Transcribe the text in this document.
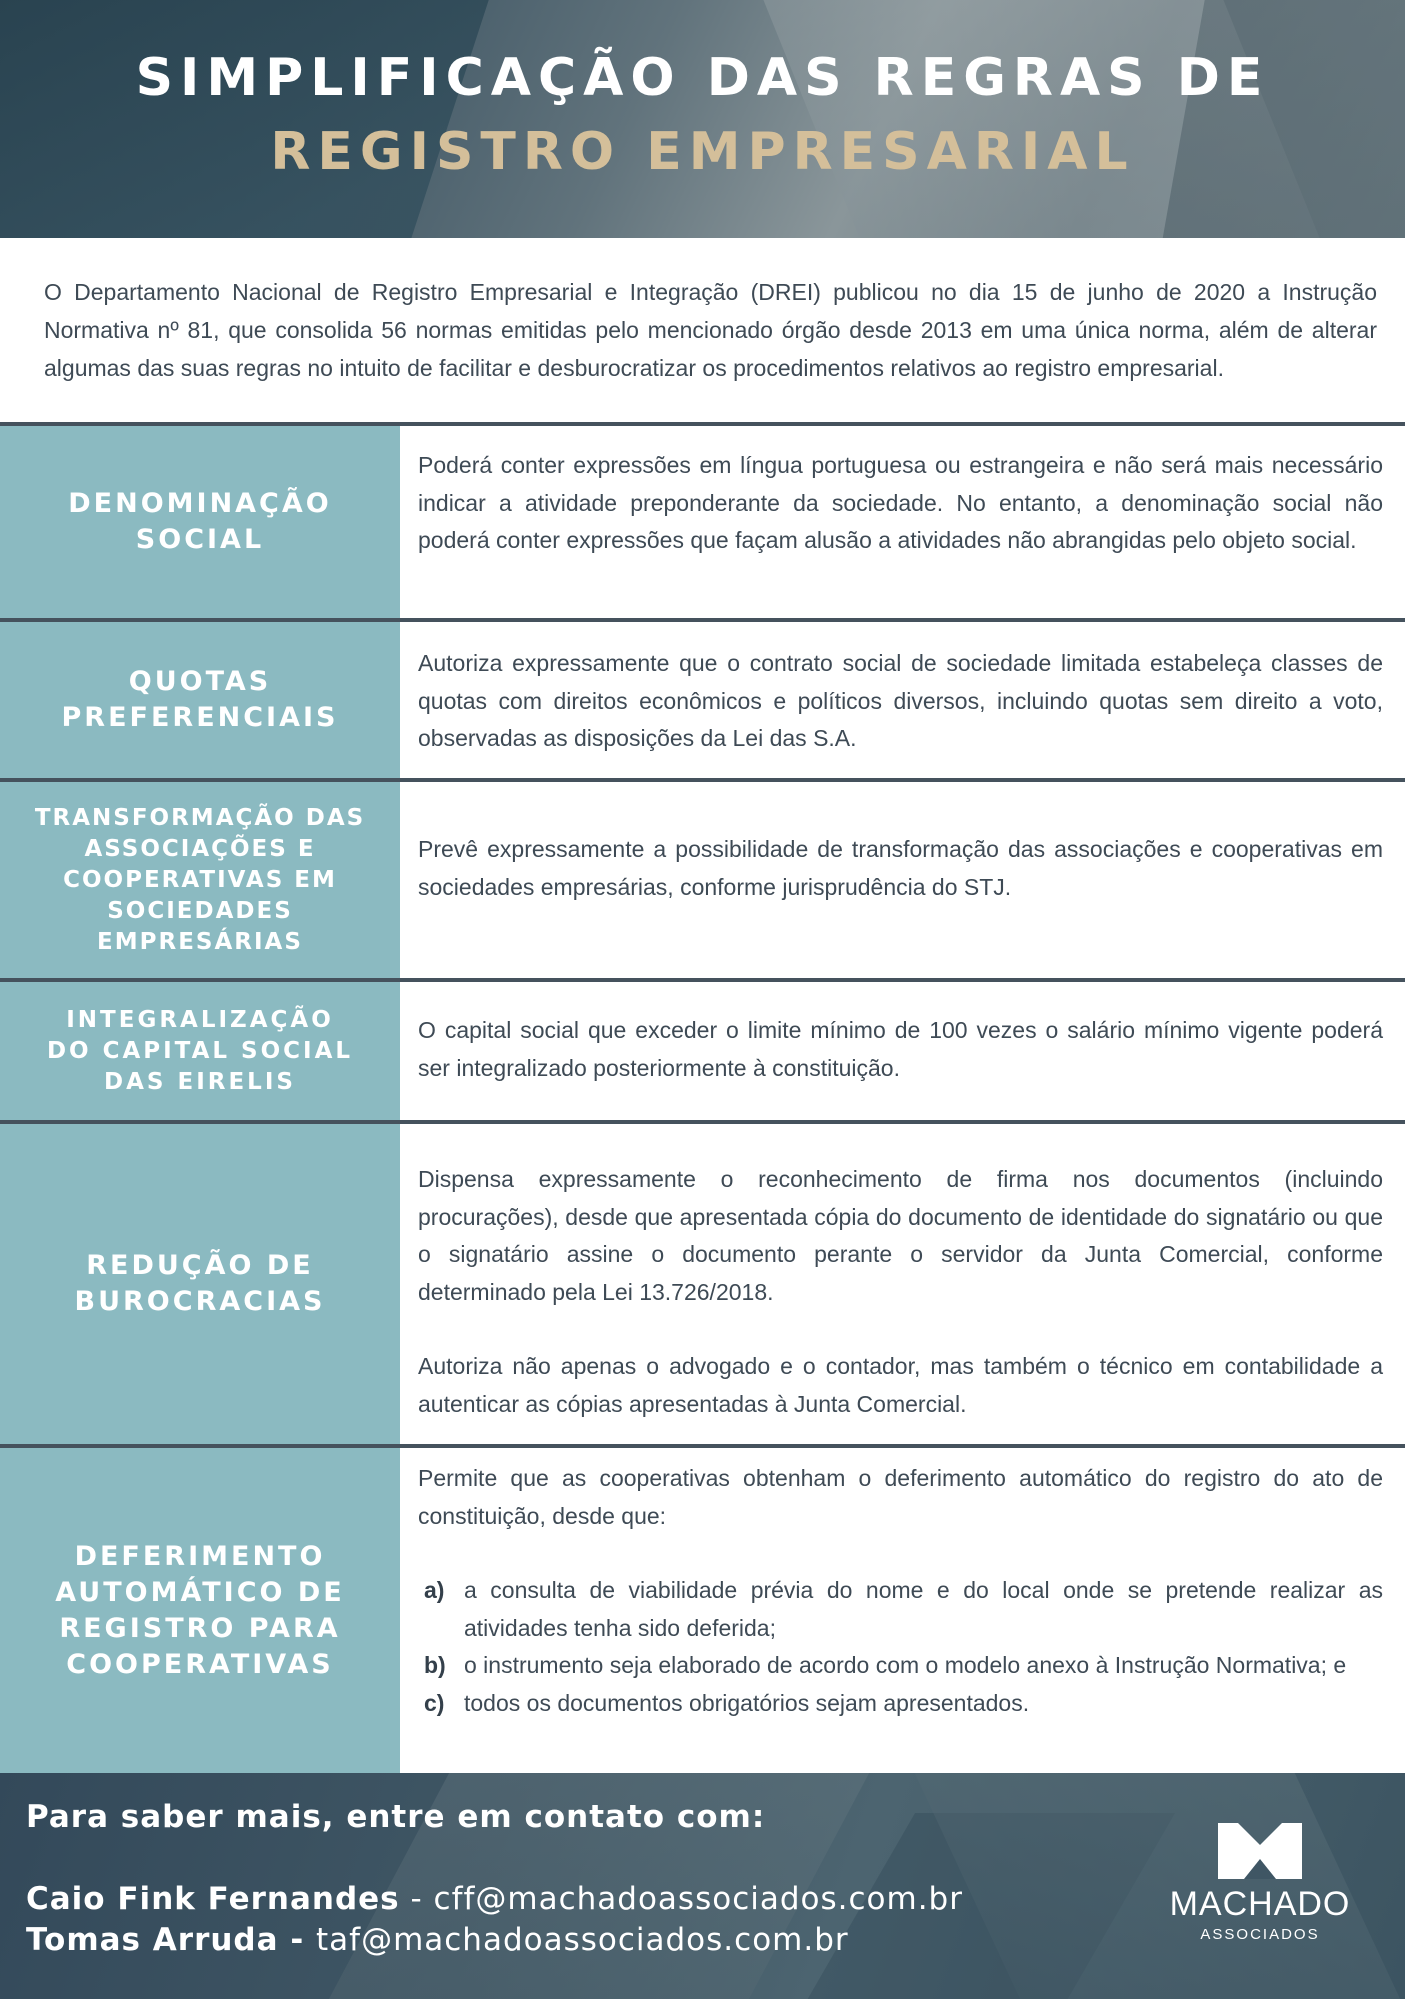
SIMPLIFICAÇÃO DAS REGRAS DE
REGISTRO EMPRESARIAL
O Departamento Nacional de Registro Empresarial e Integração (DREI) publicou no dia 15 de junho de 2020 a Instrução Normativa nº 81, que consolida 56 normas emitidas pelo mencionado órgão desde 2013 em uma única norma, além de alterar algumas das suas regras no intuito de facilitar e desburocratizar os procedimentos relativos ao registro empresarial.
DENOMINAÇÃO
SOCIAL

Poderá conter expressões em língua portuguesa ou estrangeira e não será mais necessário indicar a atividade preponderante da sociedade. No entanto, a denominação social não poderá conter expressões que façam alusão a atividades não abrangidas pelo objeto social.

QUOTAS
PREFERENCIAIS

Autoriza expressamente que o contrato social de sociedade limitada estabeleça classes de quotas com direitos econômicos e políticos diversos, incluindo quotas sem direito a voto, observadas as disposições da Lei das S.A.

TRANSFORMAÇÃO DAS
ASSOCIAÇÕES E
COOPERATIVAS EM
SOCIEDADES EMPRESÁRIAS

Prevê expressamente a possibilidade de transformação das associações e cooperativas em sociedades empresárias, conforme jurisprudência do STJ.

INTEGRALIZAÇÃO
DO CAPITAL SOCIAL
DAS EIRELIS

O capital social que exceder o limite mínimo de 100 vezes o salário mínimo vigente poderá ser integralizado posteriormente à constituição.

REDUÇÃO DE
BUROCRACIAS

Dispensa expressamente o reconhecimento de firma nos documentos (incluindo procurações), desde que apresentada cópia do documento de identidade do signatário ou que o signatário assine o documento perante o servidor da Junta Comercial, conforme determinado pela Lei 13.726/2018.

Autoriza não apenas o advogado e o contador, mas também o técnico em contabilidade a autenticar as cópias apresentadas à Junta Comercial.

DEFERIMENTO
AUTOMÁTICO DE
REGISTRO PARA
COOPERATIVAS

Permite que as cooperativas obtenham o deferimento automático do registro do ato de constituição, desde que:

a) a consulta de viabilidade prévia do nome e do local onde se pretende realizar as atividades tenha sido deferida;
b) o instrumento seja elaborado de acordo com o modelo anexo à Instrução Normativa; e
c) todos os documentos obrigatórios sejam apresentados.
Para saber mais, entre em contato com:
Caio Fink Fernandes - cff@machadoassociados.com.br
Tomas Arruda - taf@machadoassociados.com.br
MACHADO
ASSOCIADOS
